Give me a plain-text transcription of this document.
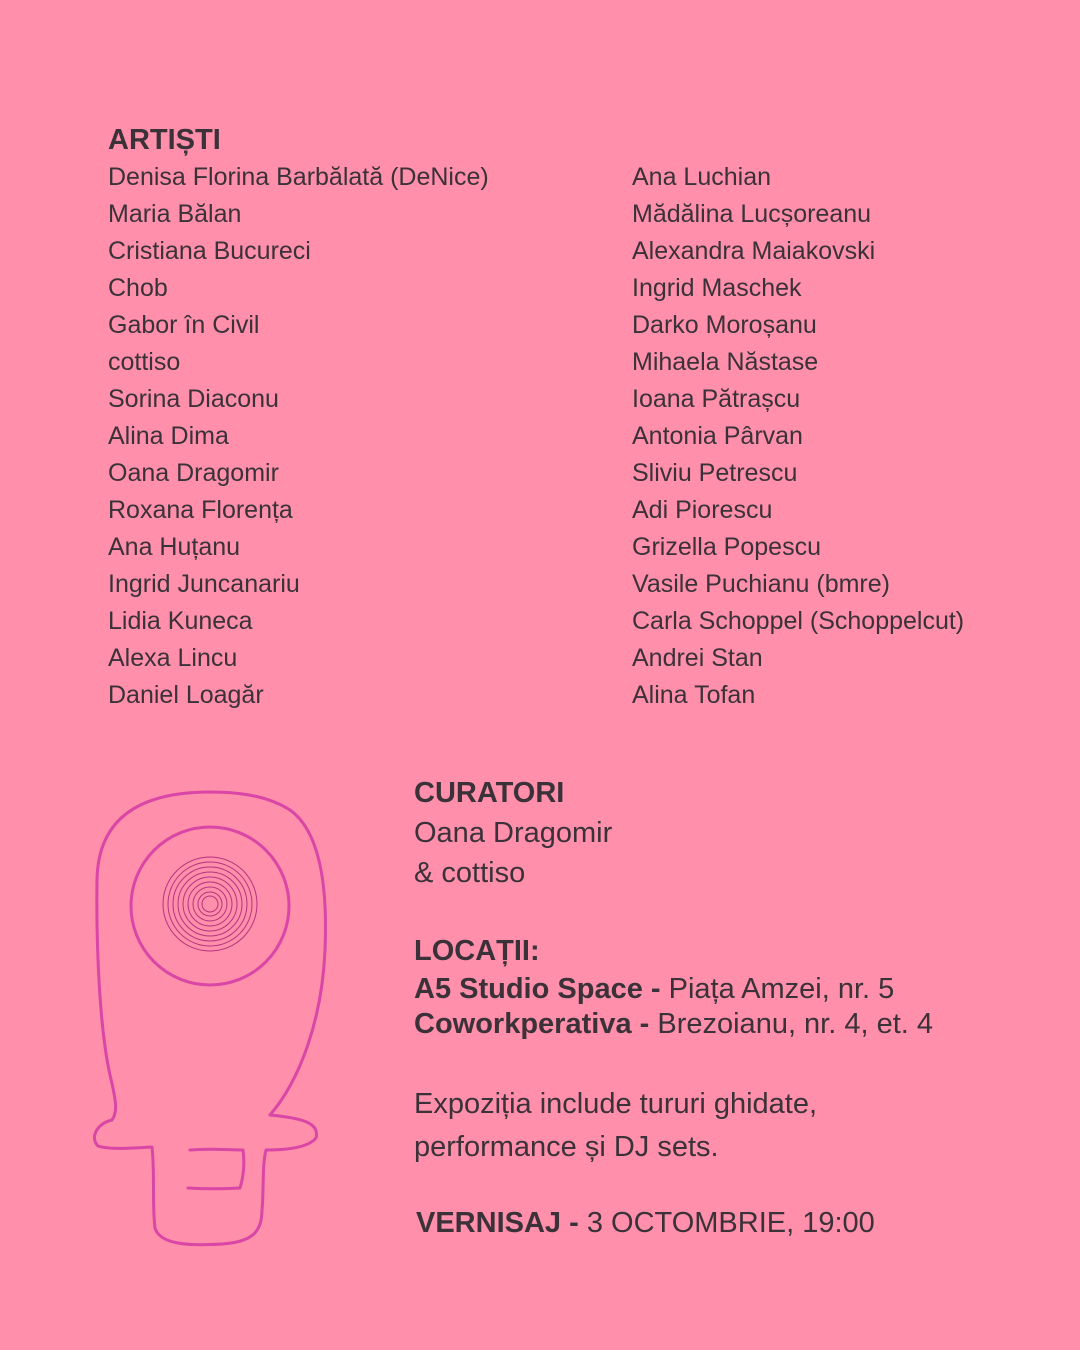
ARTIȘTI
Denisa Florina Barbălată (DeNice)
Maria Bălan
Cristiana Bucureci
Chob
Gabor în Civil
cottiso
Sorina Diaconu
Alina Dima
Oana Dragomir
Roxana Florența
Ana Huțanu
Ingrid Juncanariu
Lidia Kuneca
Alexa Lincu
Daniel Loagăr
Ana Luchian
Mădălina Lucșoreanu
Alexandra Maiakovski
Ingrid Maschek
Darko Moroșanu
Mihaela Năstase
Ioana Pătrașcu
Antonia Pârvan
Sliviu Petrescu
Adi Piorescu
Grizella Popescu
Vasile Puchianu (bmre)
Carla Schoppel (Schoppelcut)
Andrei Stan
Alina Tofan
CURATORI
Oana Dragomir
& cottiso
LOCAȚII:
A5 Studio Space - Piața Amzei, nr. 5
Coworkperativa - Brezoianu, nr. 4, et. 4
Expoziția include tururi ghidate,
performance și DJ sets.
VERNISAJ - 3 OCTOMBRIE, 19:00
